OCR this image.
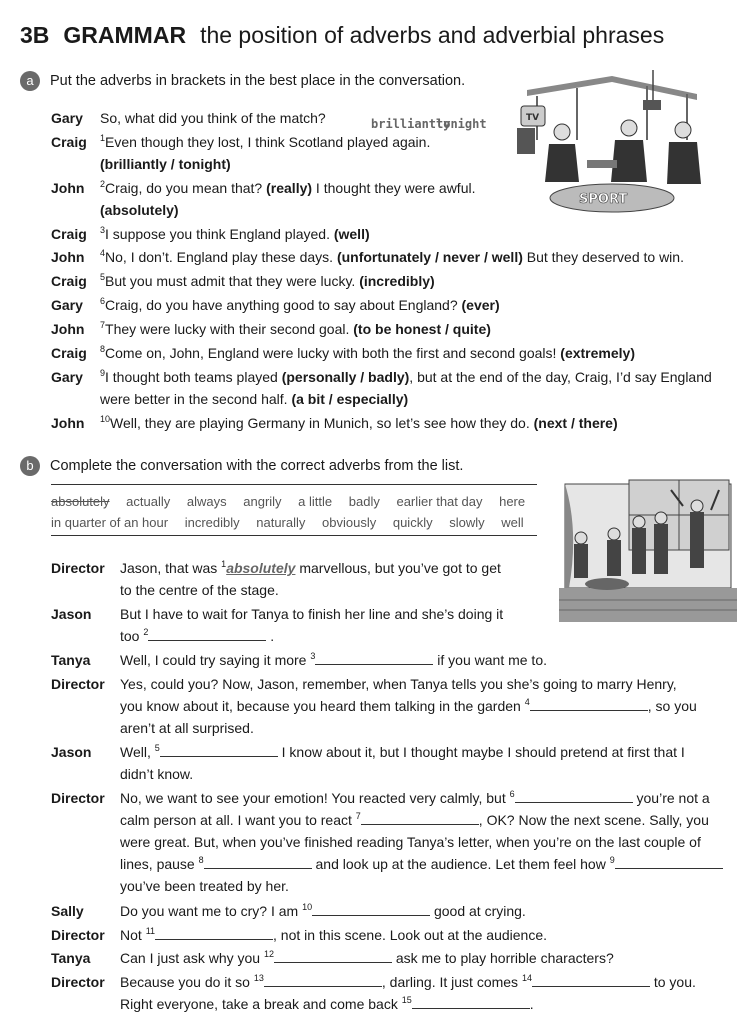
3B GRAMMAR the position of adverbs and adverbial phrases
a Put the adverbs in brackets in the best place in the conversation.
TV
SPORT
brilliantly
tonight
Gary So, what did you think of the match?
Craig $^1$Even though they lost, I think Scotland played again.
(brilliantly / tonight)
John $^2$Craig, do you mean that? (really) I thought they were awful.
(absolutely)
Craig $^3$I suppose you think England played. (well)
John $^4$No, I don’t. England play these days. (unfortunately / never / well) But they deserved to win.
Craig $^5$But you must admit that they were lucky. (incredibly)
Gary $^6$Craig, do you have anything good to say about England? (ever)
John $^7$They were lucky with their second goal. (to be honest / quite)
Craig $^8$Come on, John, England were lucky with both the first and second goals! (extremely)
Gary $^9$I thought both teams played (personally / badly), but at the end of the day, Craig, I’d say England
were better in the second half. (a bit / especially)
John $^{10}$Well, they are playing Germany in Munich, so let’s see how they do. (next / there)
b Complete the conversation with the correct adverbs from the list.
absolutely actually always angrily a little badly earlier that day here
in quarter of an hour incredibly naturally obviously quickly slowly well
Director Jason, that was $^1$absolutely marvellous, but you’ve got to get
to the centre of the stage.
Jason But I have to wait for Tanya to finish her line and she’s doing it
too $^2$	.
Tanya Well, I could try saying it more $^3$	if you want me to.
Director Yes, could you? Now, Jason, remember, when Tanya tells you she’s going to marry Henry,
you know about it, because you heard them talking in the garden $^4$	, so you
aren’t at all surprised.
Jason Well, $^5$	I know about it, but I thought maybe I should pretend at first that I
didn’t know.
Director No, we want to see your emotion! You reacted very calmly, but $^6$	you’re not a
calm person at all. I want you to react $^7$	, OK? Now the next scene. Sally, you
were great. But, when you’ve finished reading Tanya’s letter, when you’re on the last couple of
lines, pause $^8$	and look up at the audience. Let them feel how $^9$
you’ve been treated by her.
Sally	Do you want me to cry? I am $^{10}$	good at crying.
Director Not $^{11}$	, not in this scene. Look out at the audience.
Tanya Can I just ask why you $^{12}$	ask me to play horrible characters?
Director Because you do it so $^{13}$	, darling. It just comes $^{14}$	to you.
Right everyone, take a break and come back $^{15}$	.
